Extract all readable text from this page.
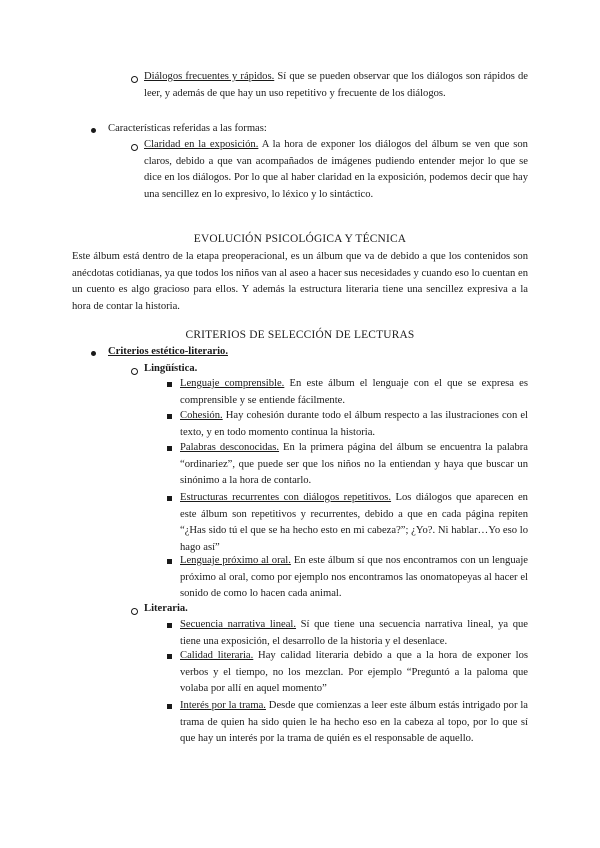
Diálogos frecuentes y rápidos. Sí que se pueden observar que los diálogos son rápidos de leer, y además de que hay un uso repetitivo y frecuente de los diálogos.
Características referidas a las formas:
Claridad en la exposición. A la hora de exponer los diálogos del álbum se ven que son claros, debido a que van acompañados de imágenes pudiendo entender mejor lo que se dice en los diálogos. Por lo que al haber claridad en la exposición, podemos decir que hay una sencillez en lo expresivo, lo léxico y lo sintáctico.
EVOLUCIÓN PSICOLÓGICA Y TÉCNICA
Este álbum está dentro de la etapa preoperacional, es un álbum que va de debido a que los contenidos son anécdotas cotidianas, ya que todos los niños van al aseo a hacer sus necesidades y cuando eso lo cuentan en un cuento es algo gracioso para ellos. Y además la estructura literaria tiene una sencillez expresiva a la hora de contar la historia.
CRITERIOS DE SELECCIÓN DE LECTURAS
Criterios estético-literario.
Lingüística.
Lenguaje comprensible. En este álbum el lenguaje con el que se expresa es comprensible y se entiende fácilmente.
Cohesión. Hay cohesión durante todo el álbum respecto a las ilustraciones con el texto, y en todo momento continua la historia.
Palabras desconocidas. En la primera página del álbum se encuentra la palabra “ordinariez”, que puede ser que los niños no la entiendan y haya que buscar un sinónimo a la hora de contarlo.
Estructuras recurrentes con diálogos repetitivos. Los diálogos que aparecen en este álbum son repetitivos y recurrentes, debido a que en cada página repiten “¿Has sido tú el que se ha hecho esto en mi cabeza?”; ¿Yo?. Ni hablar…Yo eso lo hago así”
Lenguaje próximo al oral. En este álbum sí que nos encontramos con un lenguaje próximo al oral, como por ejemplo nos encontramos las onomatopeyas al hacer el sonido de como lo hacen cada animal.
Literaria.
Secuencia narrativa lineal. Sí que tiene una secuencia narrativa lineal, ya que tiene una exposición, el desarrollo de la historia y el desenlace.
Calidad literaria. Hay calidad literaria debido a que a la hora de exponer los verbos y el tiempo, no los mezclan. Por ejemplo “Preguntó a la paloma que volaba por allí en aquel momento”
Interés por la trama. Desde que comienzas a leer este álbum estás intrigado por la trama de quien ha sido quien le ha hecho eso en la cabeza al topo, por lo que sí que hay un interés por la trama de quién es el responsable de aquello.
